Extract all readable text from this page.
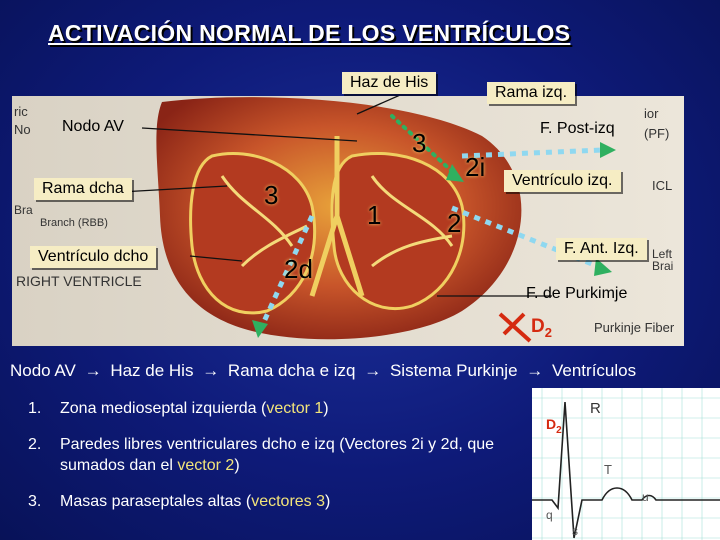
ACTIVACIÓN NORMAL DE LOS VENTRÍCULOS
ric
No
Bra
Branch (RBB)
RIGHT VENTRICLE
ior
(PF)
ICL
Left
Brai
Purkinje Fiber
Haz de His
Rama izq.
Nodo AV	F. Post-izq
Rama dcha	Ventrículo izq.
Ventrículo dcho	F. Ant. Izq.
F. de Purkimje
3
2i
3
1	2
2d
$D_2$

Nodo AV → Haz de His → Rama dcha e izq → Sistema Purkinje → Ventrículos

1.	Zona medioseptal izquierda (vector 1)
2.	Paredes libres ventriculares dcho e izq (Vectores 2i y 2d, que sumados dan el vector 2)
3.	Masas paraseptales altas (vectores 3)
$D_2$
R
T
u
q
s
